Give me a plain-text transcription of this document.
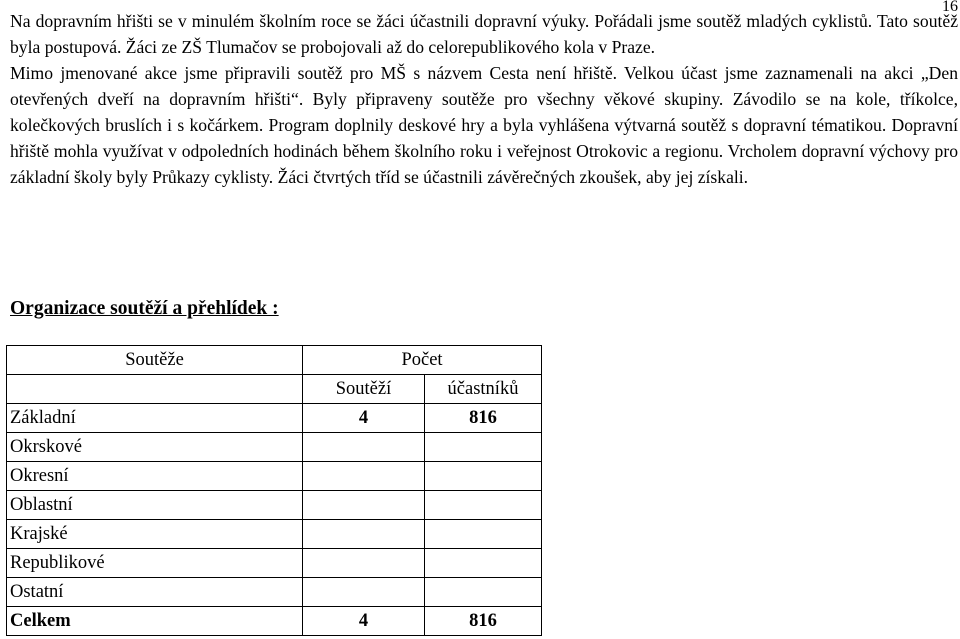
16

Na dopravním hřišti se v minulém školním roce se žáci účastnili dopravní výuky. Pořádali jsme soutěž mladých cyklistů. Tato soutěž byla postupová. Žáci ze ZŠ Tlumačov se probojovali až do celorepublikového kola v Praze.

Mimo jmenované akce jsme připravili soutěž pro MŠ s názvem Cesta není hřiště. Velkou účast jsme zaznamenali na akci „Den otevřených dveří na dopravním hřišti“. Byly připraveny soutěže pro všechny věkové skupiny. Závodilo se na kole, tříkolce, kolečkových bruslích i s kočárkem. Program doplnily deskové hry a byla vyhlášena výtvarná soutěž s dopravní tématikou. Dopravní hřiště mohla využívat v odpoledních hodinách během školního roku i veřejnost Otrokovic a regionu. Vrcholem dopravní výchovy pro základní školy byly Průkazy cyklisty. Žáci čtvrtých tříd se účastnili závěrečných zkoušek, aby jej získali.

Organizace soutěží a přehlídek :
Soutěže	Počet	
	Soutěží	účastníků
Základní	4	816
Okrskové		
Okresní		
Oblastní		
Krajské		
Republikové		
Ostatní		
Celkem	4	816
